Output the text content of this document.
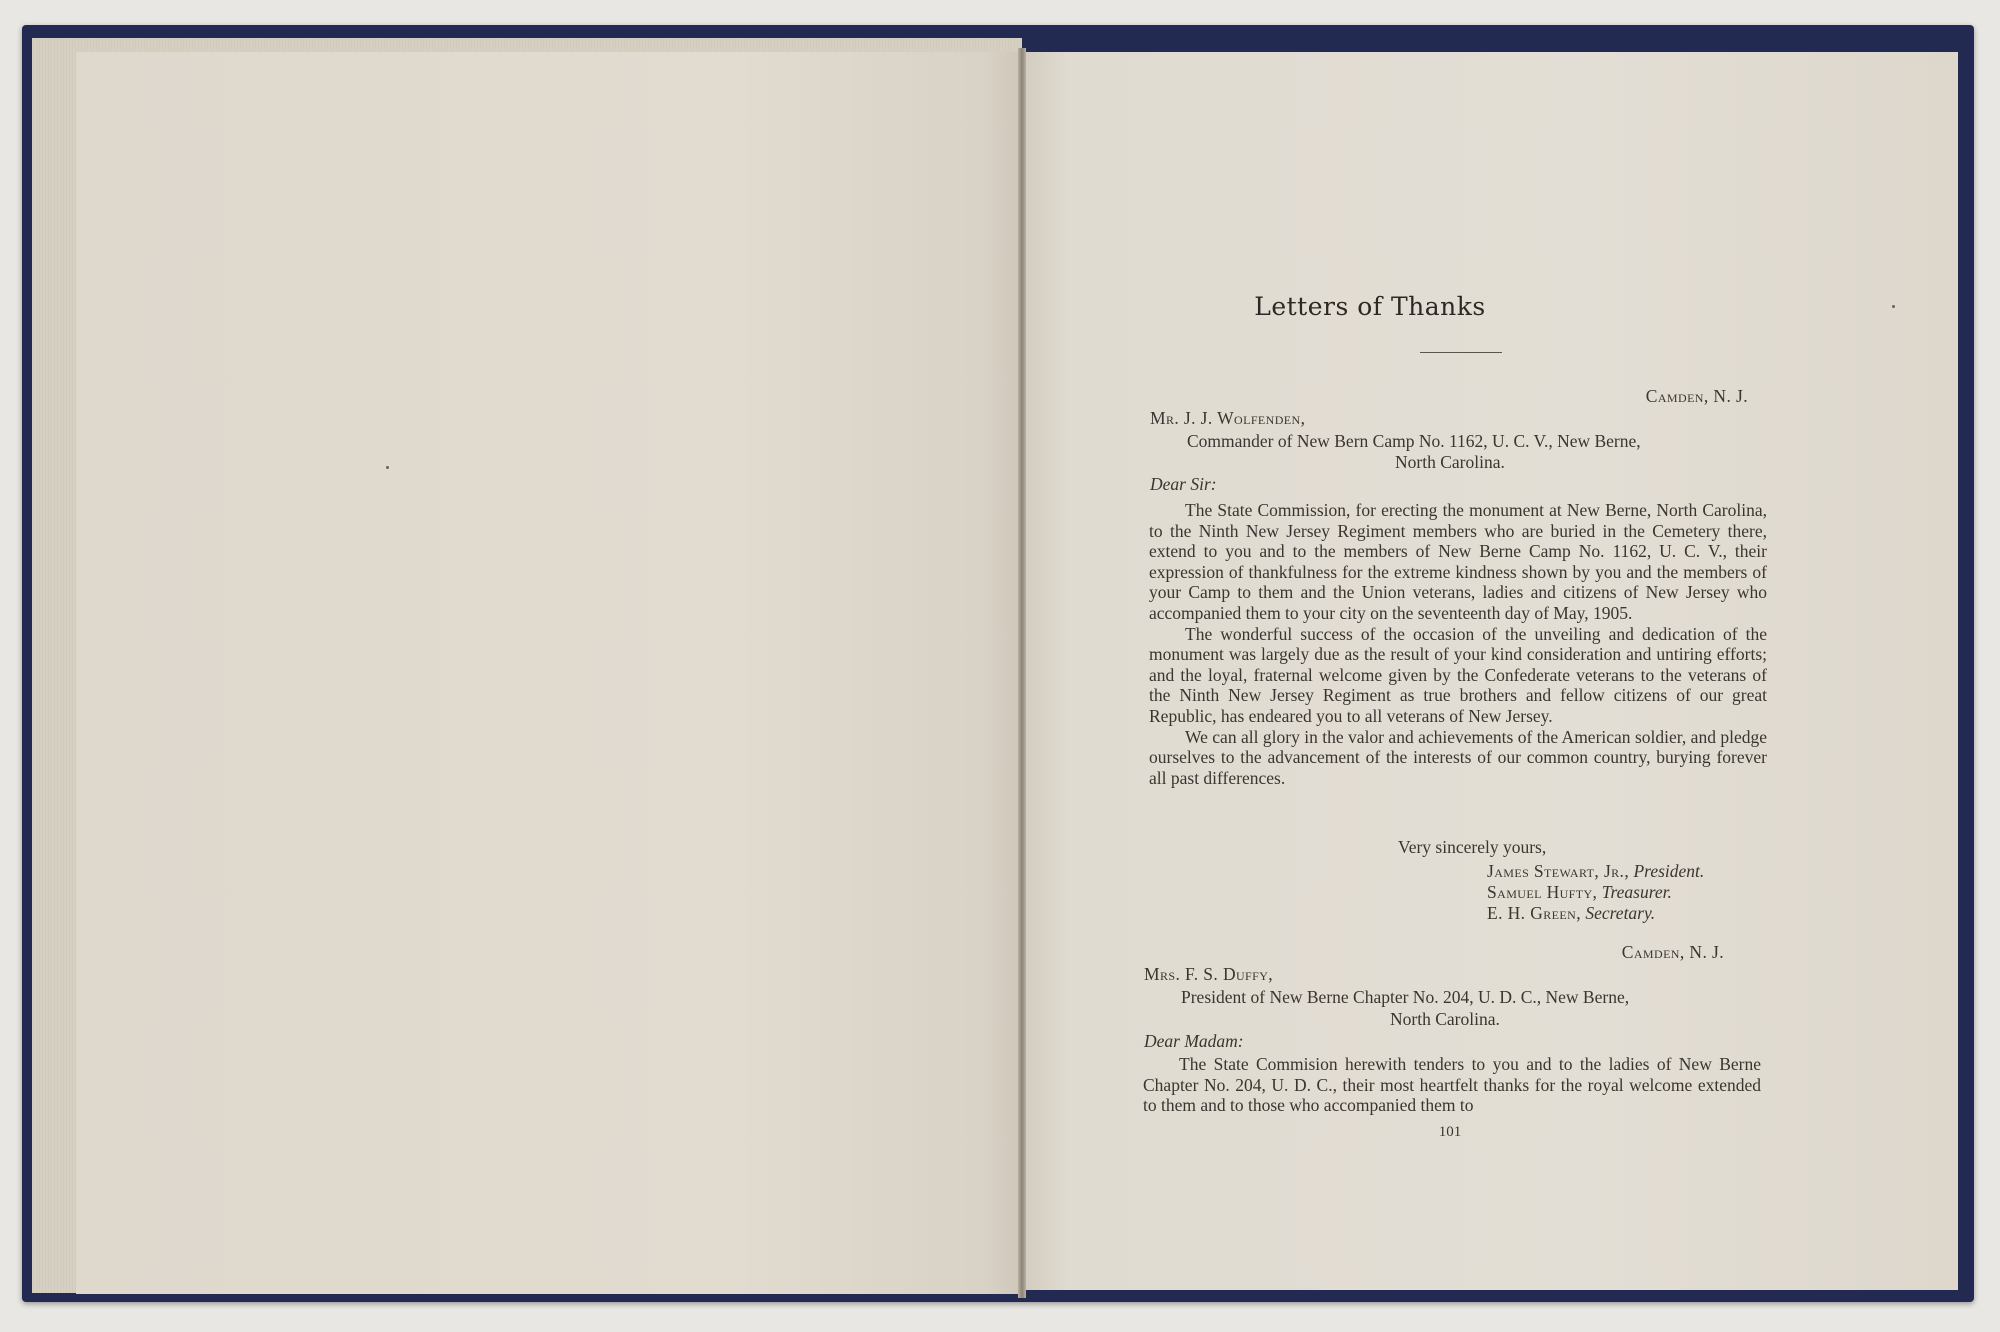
Letters of Thanks
Camden, N. J.
Mr. J. J. Wolfenden,
Commander of New Bern Camp No. 1162, U. C. V., New Berne,
North Carolina.
Dear Sir:

The State Commission, for erecting the monument at New Berne, North Carolina, to the Ninth New Jersey Regiment members who are buried in the Cemetery there, extend to you and to the members of New Berne Camp No. 1162, U. C. V., their expression of thankfulness for the extreme kindness shown by you and the members of your Camp to them and the Union veterans, ladies and citizens of New Jersey who accompanied them to your city on the seventeenth day of May, 1905.

The wonderful success of the occasion of the unveiling and dedication of the monument was largely due as the result of your kind consideration and untiring efforts; and the loyal, fraternal welcome given by the Confederate veterans to the veterans of the Ninth New Jersey Regiment as true brothers and fellow citizens of our great Republic, has endeared you to all veterans of New Jersey.

We can all glory in the valor and achievements of the American soldier, and pledge ourselves to the advancement of the interests of our common country, burying forever all past differences.

Very sincerely yours,
James Stewart, Jr., President.
Samuel Hufty, Treasurer.
E. H. Green, Secretary.
Camden, N. J.
Mrs. F. S. Duffy,
President of New Berne Chapter No. 204, U. D. C., New Berne,
North Carolina.
Dear Madam:

The State Commision herewith tenders to you and to the ladies of New Berne Chapter No. 204, U. D. C., their most heartfelt thanks for the royal welcome extended to them and to those who accompanied them to

101
